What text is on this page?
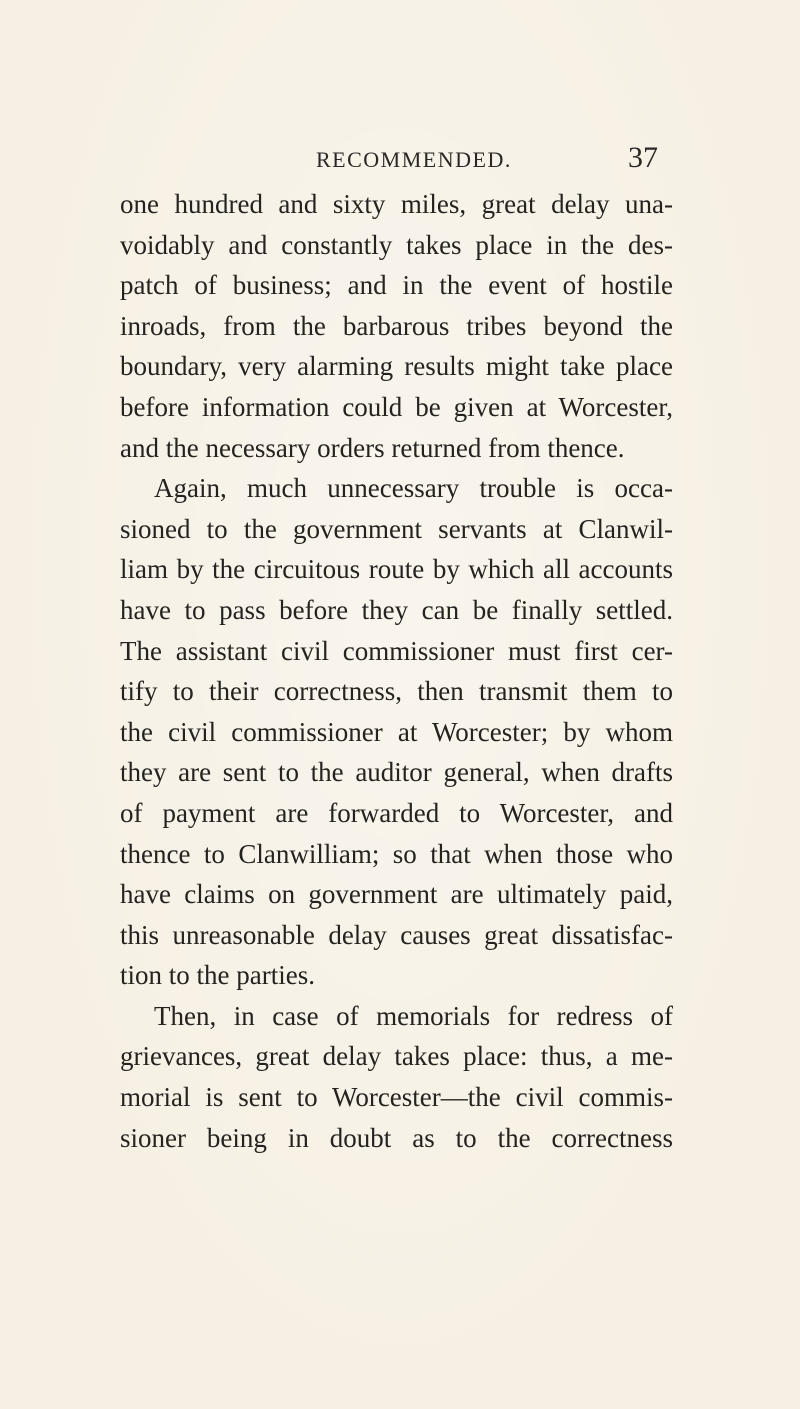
RECOMMENDED.	37
one hundred and sixty miles, great delay una-
voidably and constantly takes place in the des-
patch of business; and in the event of hostile
inroads, from the barbarous tribes beyond the
boundary, very alarming results might take place
before information could be given at Worcester,
and the necessary orders returned from thence.
Again, much unnecessary trouble is occa-
sioned to the government servants at Clanwil-
liam by the circuitous route by which all accounts
have to pass before they can be finally settled.
The assistant civil commissioner must first cer-
tify to their correctness, then transmit them to
the civil commissioner at Worcester; by whom
they are sent to the auditor general, when drafts
of payment are forwarded to Worcester, and
thence to Clanwilliam; so that when those who
have claims on government are ultimately paid,
this unreasonable delay causes great dissatisfac-
tion to the parties.
Then, in case of memorials for redress of
grievances, great delay takes place: thus, a me-
morial is sent to Worcester—the civil commis-
sioner being in doubt as to the correctness
